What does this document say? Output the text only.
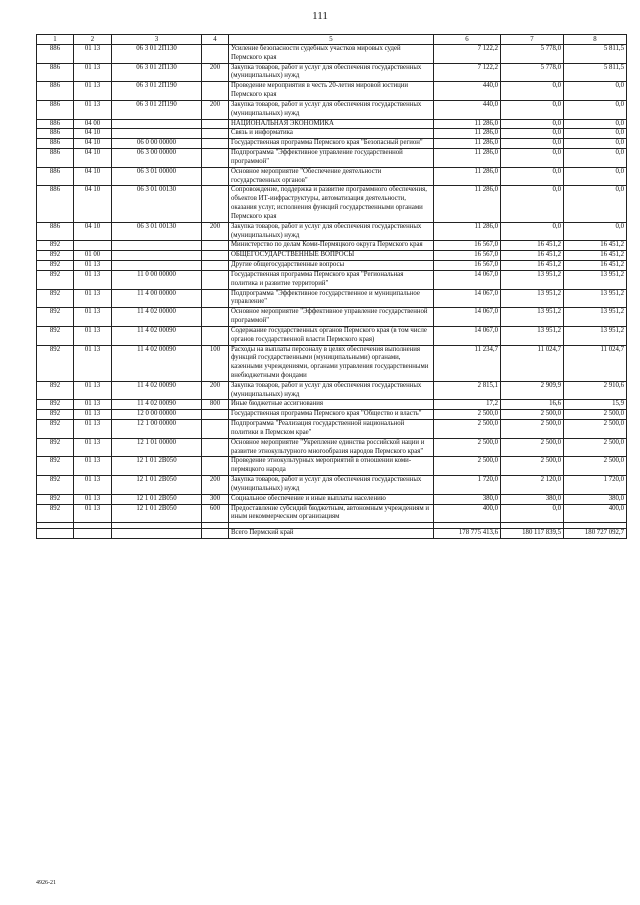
111
1	2	3	4	5	6	7	8
886	01 13	06 3 01 2П130		Усиление безопасности судебных участков мировых судей Пермского края	7 122,2	5 778,0	5 811,5
886	01 13	06 3 01 2П130	200	Закупка товаров, работ и услуг для обеспечения государственных (муниципальных) нужд	7 122,2	5 778,0	5 811,5
886	01 13	06 3 01 2П190		Проведение мероприятия в честь 20-летия мировой юстиции Пермского края	440,0	0,0	0,0
886	01 13	06 3 01 2П190	200	Закупка товаров, работ и услуг для обеспечения государственных (муниципальных) нужд	440,0	0,0	0,0
886	04 00			НАЦИОНАЛЬНАЯ ЭКОНОМИКА	11 286,0	0,0	0,0
886	04 10			Связь и информатика	11 286,0	0,0	0,0
886	04 10	06 0 00 00000		Государственная программа Пермского края "Безопасный регион"	11 286,0	0,0	0,0
886	04 10	06 3 00 00000		Подпрограмма "Эффективное управление государственной программой"	11 286,0	0,0	0,0
886	04 10	06 3 01 00000		Основное мероприятие "Обеспечение деятельности государственных органов"	11 286,0	0,0	0,0
886	04 10	06 3 01 00130		Сопровождение, поддержка и развитие программного обеспечения, объектов ИТ-инфраструктуры, автоматизация деятельности, оказания услуг, исполнения функций государственными органами Пермского края	11 286,0	0,0	0,0
886	04 10	06 3 01 00130	200	Закупка товаров, работ и услуг для обеспечения государственных (муниципальных) нужд	11 286,0	0,0	0,0
892				Министерство по делам Коми-Пермяцкого округа Пермского края	16 567,0	16 451,2	16 451,2
892	01 00			ОБЩЕГОСУДАРСТВЕННЫЕ ВОПРОСЫ	16 567,0	16 451,2	16 451,2
892	01 13			Другие общегосударственные вопросы	16 567,0	16 451,2	16 451,2
892	01 13	11 0 00 00000		Государственная программа Пермского края "Региональная политика и развитие территорий"	14 067,0	13 951,2	13 951,2
892	01 13	11 4 00 00000		Подпрограмма "Эффективное государственное и муниципальное управление"	14 067,0	13 951,2	13 951,2
892	01 13	11 4 02 00000		Основное мероприятие "Эффективное управление государственной программой"	14 067,0	13 951,2	13 951,2
892	01 13	11 4 02 00090		Содержание государственных органов Пермского края (в том числе органов государственной власти Пермского края)	14 067,0	13 951,2	13 951,2
892	01 13	11 4 02 00090	100	Расходы на выплаты персоналу в целях обеспечения выполнения функций государственными (муниципальными) органами, казенными учреждениями, органами управления государственными внебюджетными фондами	11 234,7	11 024,7	11 024,7
892	01 13	11 4 02 00090	200	Закупка товаров, работ и услуг для обеспечения государственных (муниципальных) нужд	2 815,1	2 909,9	2 910,6
892	01 13	11 4 02 00090	800	Иные бюджетные ассигнования	17,2	16,6	15,9
892	01 13	12 0 00 00000		Государственная программа Пермского края "Общество и власть"	2 500,0	2 500,0	2 500,0
892	01 13	12 1 00 00000		Подпрограмма "Реализация государственной национальной политики в Пермском крае"	2 500,0	2 500,0	2 500,0
892	01 13	12 1 01 00000		Основное мероприятие "Укрепление единства российской нации и развитие этнокультурного многообразия народов Пермского края"	2 500,0	2 500,0	2 500,0
892	01 13	12 1 01 2В050		Проведение этнокультурных мероприятий в отношении коми-пермяцкого народа	2 500,0	2 500,0	2 500,0
892	01 13	12 1 01 2В050	200	Закупка товаров, работ и услуг для обеспечения государственных (муниципальных) нужд	1 720,0	2 120,0	1 720,0
892	01 13	12 1 01 2В050	300	Социальное обеспечение и иные выплаты населению	380,0	380,0	380,0
892	01 13	12 1 01 2В050	600	Предоставление субсидий бюджетным, автономным учреждениям и иным некоммерческим организациям	400,0	0,0	400,0

				Всего Пермский край	178 775 413,6	180 117 839,5	180 727 092,7
4926-21
